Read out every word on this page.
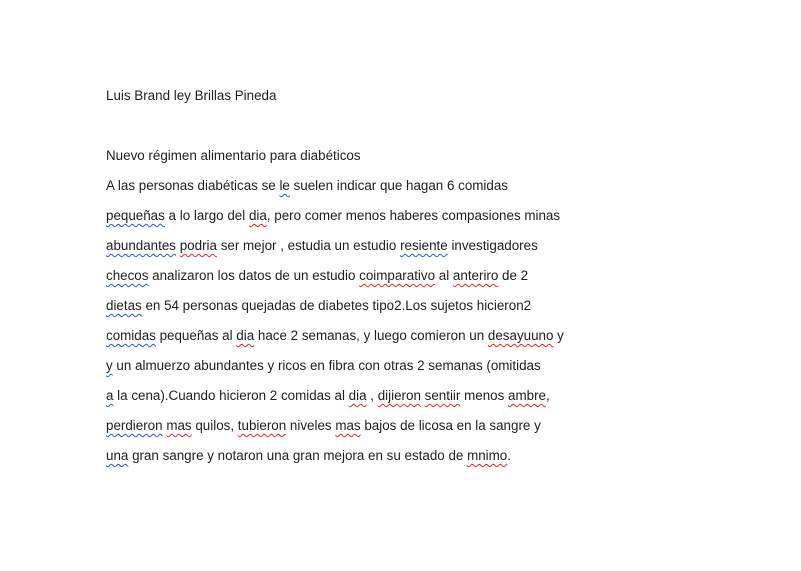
Luis Brand ley Brillas Pineda
Nuevo régimen alimentario para diabéticos
A las personas diabéticas se le suelen indicar que hagan 6 comidas
pequeñas a lo largo del dia, pero comer menos haberes compasiones minas
abundantes podria ser mejor , estudia un estudio resiente investigadores
checos analizaron los datos de un estudio coimparativo al anteriro de 2
dietas en 54 personas quejadas de diabetes tipo2.Los sujetos hicieron2
comidas pequeñas al dia hace 2 semanas, y luego comieron un desayuuno y
y un almuerzo abundantes y ricos en fibra con otras 2 semanas (omitidas
a la cena).Cuando hicieron 2 comidas al dia , dijieron sentiir menos ambre,
perdieron mas quilos, tubieron niveles mas bajos de licosa en la sangre y
una gran sangre y notaron una gran mejora en su estado de mnimo.
